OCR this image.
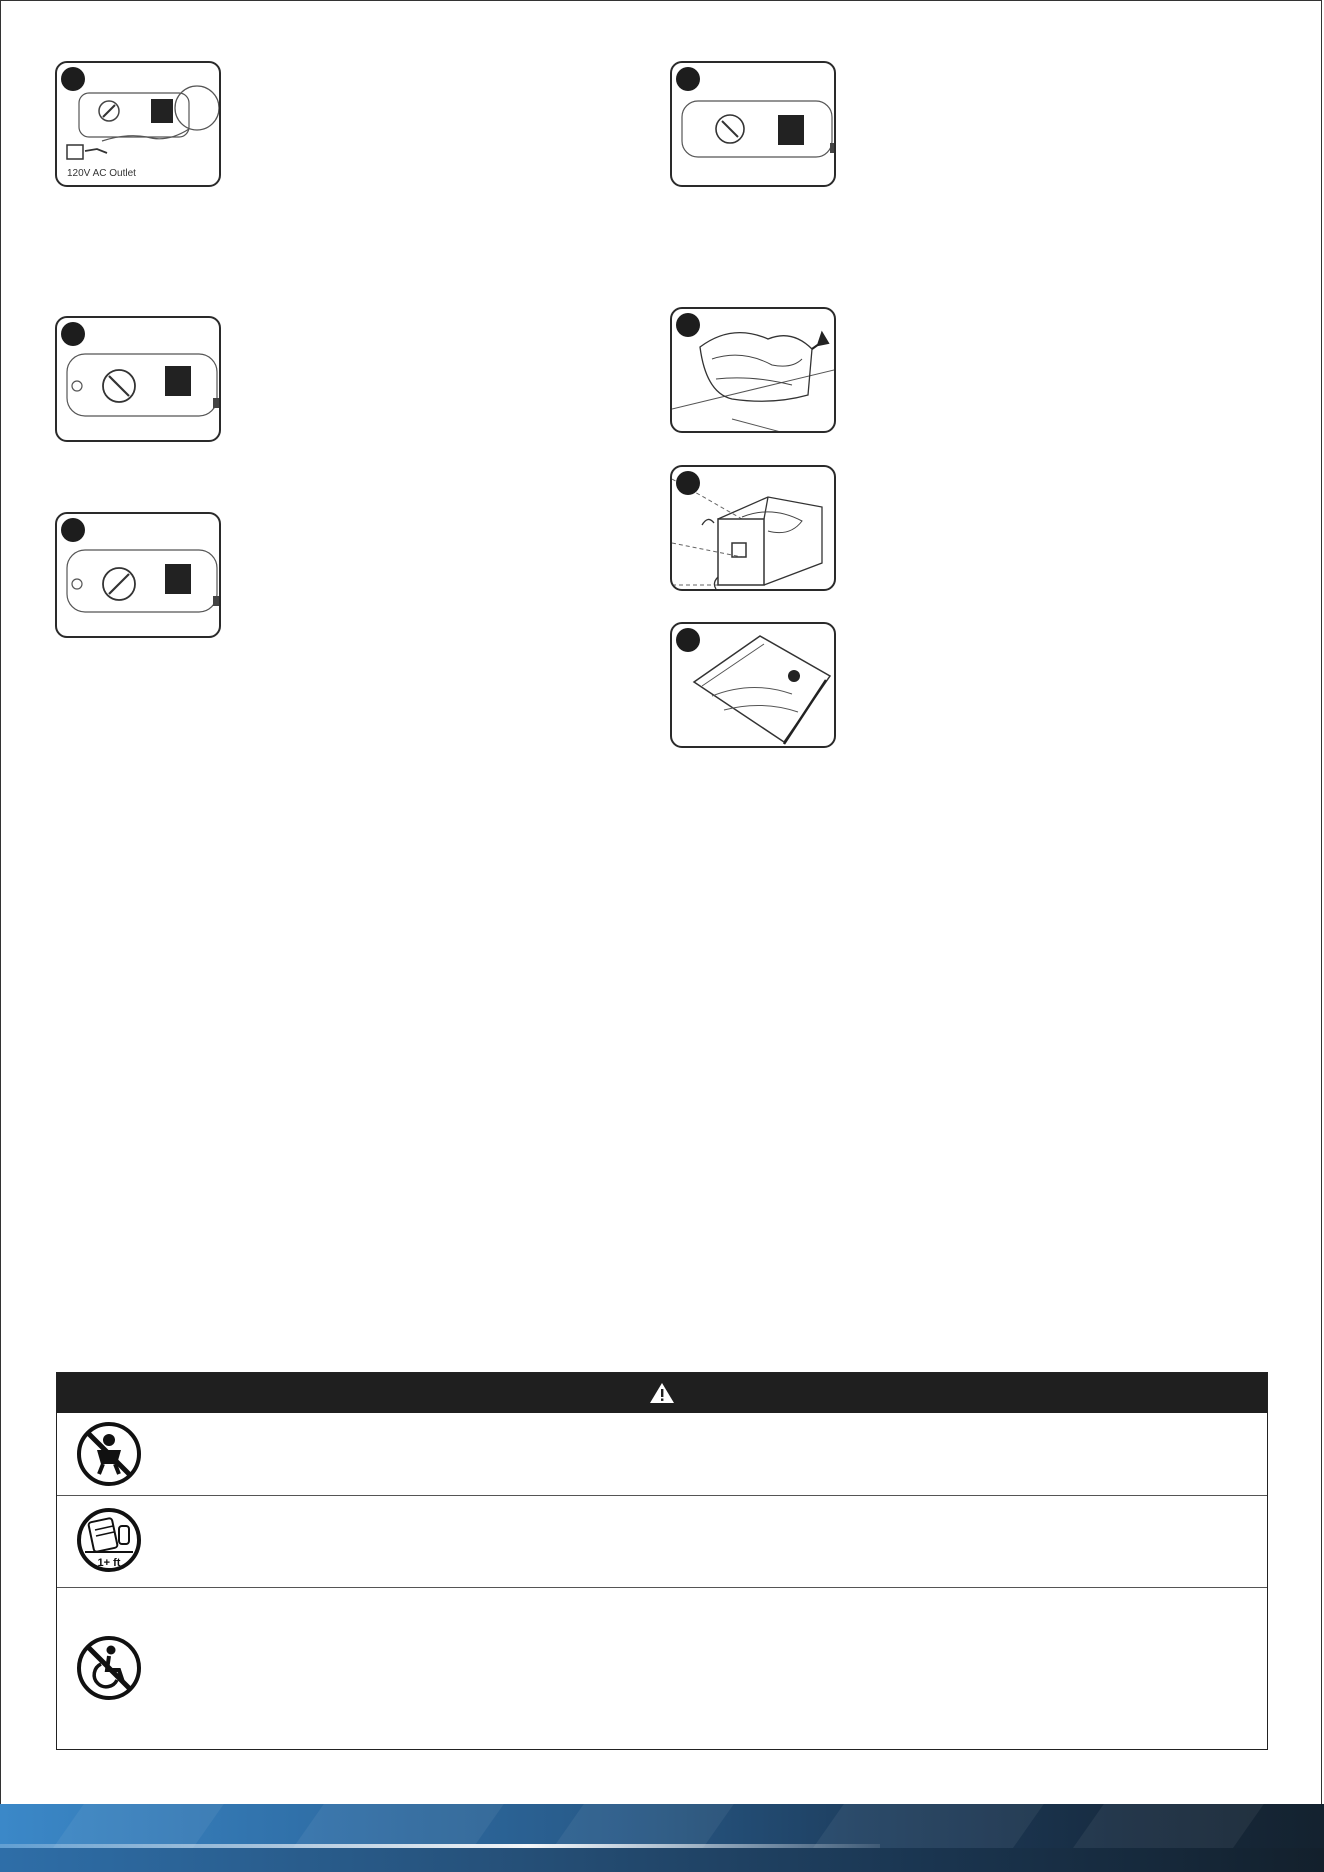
120V AC Outlet
1+ ft
